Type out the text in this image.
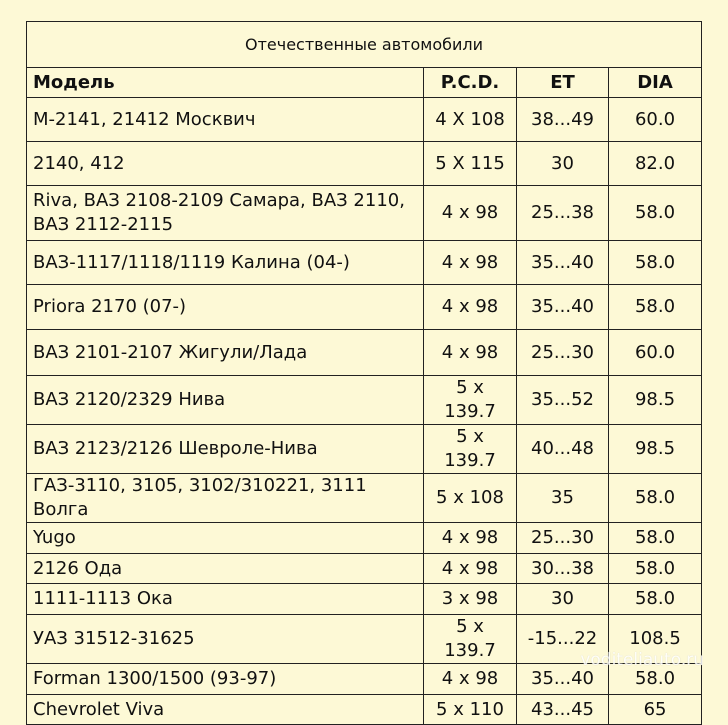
Отечественные автомобили			
Модель	P.C.D.	ET	DIA
М-2141, 21412 Москвич	4 X 108	38...49	60.0
2140, 412	5 X 115	30	82.0
Riva, ВАЗ 2108-2109 Самара, ВАЗ 2110, ВАЗ 2112-2115	4 x 98	25...38	58.0
ВАЗ-1117/1118/1119 Калина (04-)	4 x 98	35...40	58.0
Priora 2170 (07-)	4 x 98	35...40	58.0
ВАЗ 2101-2107 Жигули/Лада	4 x 98	25...30	60.0
ВАЗ 2120/2329 Нива	5 x 139.7	35...52	98.5
ВАЗ 2123/2126 Шевроле-Нива	5 x 139.7	40...48	98.5
ГАЗ-3110, 3105, 3102/310221, 3111 Волга	5 x 108	35	58.0
Yugo	4 x 98	25...30	58.0
2126 Ода	4 x 98	30...38	58.0
1111-1113 Ока	3 x 98	30	58.0
УАЗ 31512-31625	5 x 139.7	-15...22	108.5
Forman 1300/1500 (93-97)	4 x 98	35...40	58.0
Chevrolet Viva	5 x 110	43...45	65
voditeliauto.ru
